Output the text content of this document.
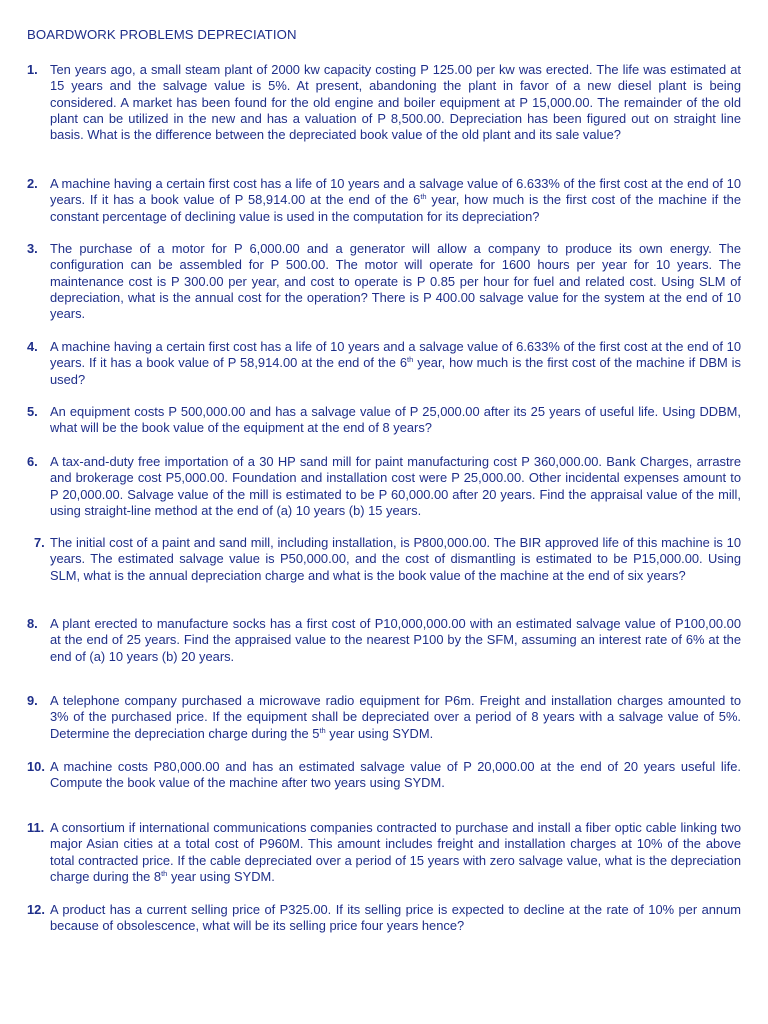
BOARDWORK PROBLEMS DEPRECIATION
1. Ten years ago, a small steam plant of 2000 kw capacity costing P 125.00 per kw was erected. The life was estimated at 15 years and the salvage value is 5%. At present, abandoning the plant in favor of a new diesel plant is being considered. A market has been found for the old engine and boiler equipment at P 15,000.00. The remainder of the old plant can be utilized in the new and has a valuation of P 8,500.00. Depreciation has been figured out on straight line basis. What is the difference between the depreciated book value of the old plant and its sale value?
2. A machine having a certain first cost has a life of 10 years and a salvage value of 6.633% of the first cost at the end of 10 years. If it has a book value of P 58,914.00 at the end of the 6th year, how much is the first cost of the machine if the constant percentage of declining value is used in the computation for its depreciation?
3. The purchase of a motor for P 6,000.00 and a generator will allow a company to produce its own energy. The configuration can be assembled for P 500.00. The motor will operate for 1600 hours per year for 10 years. The maintenance cost is P 300.00 per year, and cost to operate is P 0.85 per hour for fuel and related cost. Using SLM of depreciation, what is the annual cost for the operation? There is P 400.00 salvage value for the system at the end of 10 years.
4. A machine having a certain first cost has a life of 10 years and a salvage value of 6.633% of the first cost at the end of 10 years. If it has a book value of P 58,914.00 at the end of the 6th year, how much is the first cost of the machine if DBM is used?
5. An equipment costs P 500,000.00 and has a salvage value of P 25,000.00 after its 25 years of useful life. Using DDBM, what will be the book value of the equipment at the end of 8 years?
6. A tax-and-duty free importation of a 30 HP sand mill for paint manufacturing cost P 360,000.00. Bank Charges, arrastre and brokerage cost P5,000.00. Foundation and installation cost were P 25,000.00. Other incidental expenses amount to P 20,000.00. Salvage value of the mill is estimated to be P 60,000.00 after 20 years. Find the appraisal value of the mill, using straight-line method at the end of (a) 10 years (b) 15 years.
7. The initial cost of a paint and sand mill, including installation, is P800,000.00. The BIR approved life of this machine is 10 years. The estimated salvage value is P50,000.00, and the cost of dismantling is estimated to be P15,000.00. Using SLM, what is the annual depreciation charge and what is the book value of the machine at the end of six years?
8. A plant erected to manufacture socks has a first cost of P10,000,000.00 with an estimated salvage value of P100,00.00 at the end of 25 years. Find the appraised value to the nearest P100 by the SFM, assuming an interest rate of 6% at the end of (a) 10 years (b) 20 years.
9. A telephone company purchased a microwave radio equipment for P6m. Freight and installation charges amounted to 3% of the purchased price. If the equipment shall be depreciated over a period of 8 years with a salvage value of 5%. Determine the depreciation charge during the 5th year using SYDM.
10. A machine costs P80,000.00 and has an estimated salvage value of P 20,000.00 at the end of 20 years useful life. Compute the book value of the machine after two years using SYDM.
11. A consortium if international communications companies contracted to purchase and install a fiber optic cable linking two major Asian cities at a total cost of P960M. This amount includes freight and installation charges at 10% of the above total contracted price. If the cable depreciated over a period of 15 years with zero salvage value, what is the depreciation charge during the 8th year using SYDM.
12. A product has a current selling price of P325.00. If its selling price is expected to decline at the rate of 10% per annum because of obsolescence, what will be its selling price four years hence?
